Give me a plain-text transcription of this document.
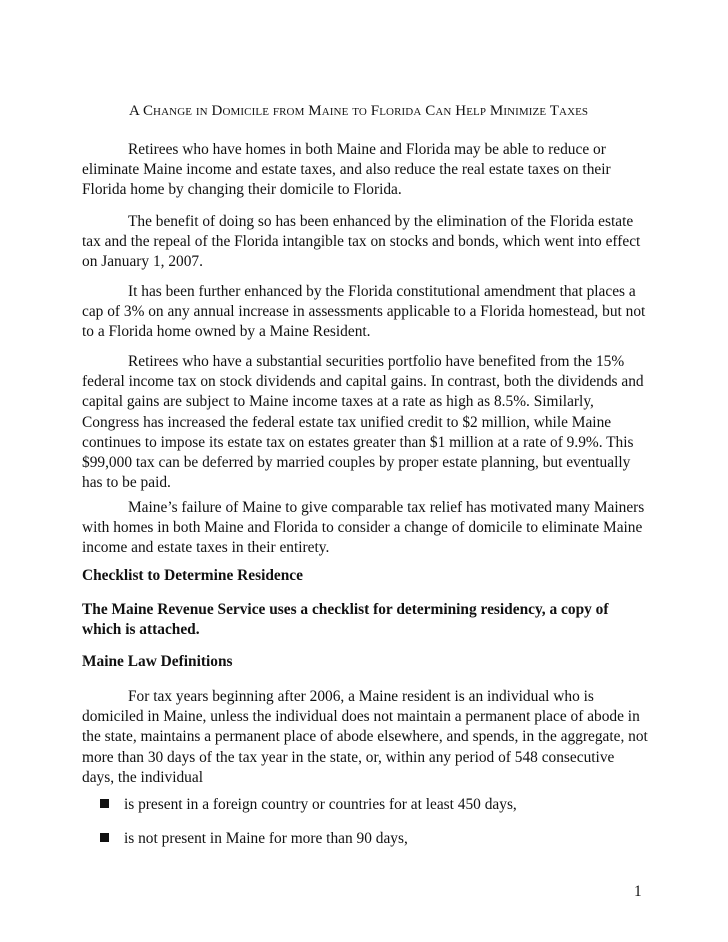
A Change in Domicile from Maine to Florida Can Help Minimize Taxes

Retirees who have homes in both Maine and Florida may be able to reduce or eliminate Maine income and estate taxes, and also reduce the real estate taxes on their Florida home by changing their domicile to Florida.

The benefit of doing so has been enhanced by the elimination of the Florida estate tax and the repeal of the Florida intangible tax on stocks and bonds, which went into effect on January 1, 2007.

It has been further enhanced by the Florida constitutional amendment that places a cap of 3% on any annual increase in assessments applicable to a Florida homestead, but not to a Florida home owned by a Maine Resident.

Retirees who have a substantial securities portfolio have benefited from the 15% federal income tax on stock dividends and capital gains. In contrast, both the dividends and capital gains are subject to Maine income taxes at a rate as high as 8.5%. Similarly, Congress has increased the federal estate tax unified credit to $2 million, while Maine continues to impose its estate tax on estates greater than $1 million at a rate of 9.9%. This $99,000 tax can be deferred by married couples by proper estate planning, but eventually has to be paid.

Maine’s failure of Maine to give comparable tax relief has motivated many Mainers with homes in both Maine and Florida to consider a change of domicile to eliminate Maine income and estate taxes in their entirety.

Checklist to Determine Residence

The Maine Revenue Service uses a checklist for determining residency, a copy of which is attached.

Maine Law Definitions

For tax years beginning after 2006, a Maine resident is an individual who is domiciled in Maine, unless the individual does not maintain a permanent place of abode in the state, maintains a permanent place of abode elsewhere, and spends, in the aggregate, not more than 30 days of the tax year in the state, or, within any period of 548 consecutive days, the individual

is present in a foreign country or countries for at least 450 days,
is not present in Maine for more than 90 days,
1
